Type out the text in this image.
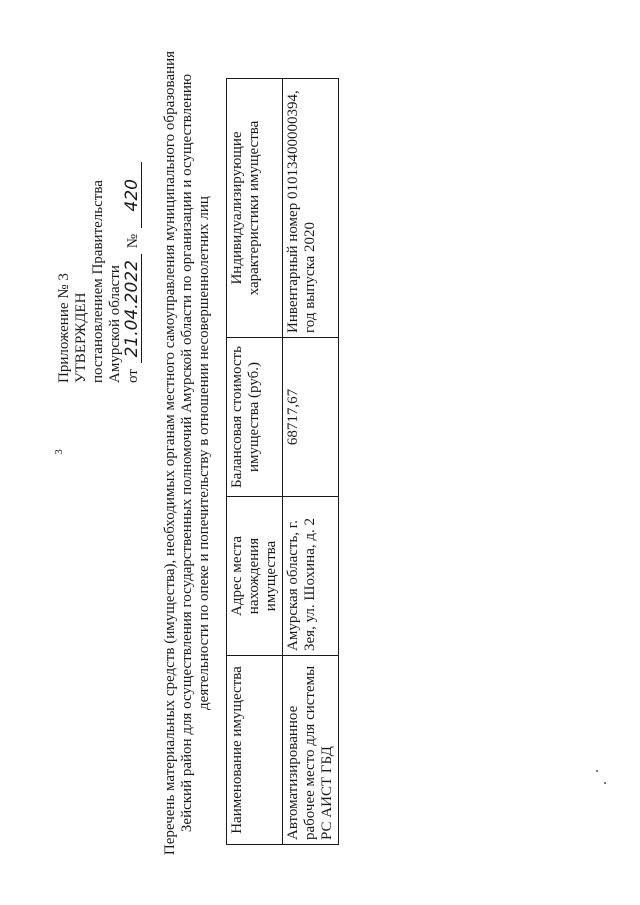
3
Приложение № 3 УТВЕРЖДЕН постановлением Правительства Амурской области от 21.04.2022 № 420 Перечень материальных средств (имущества), необходимых органам местного самоуправления муниципального образования Зейский район для осуществления государственных полномочий Амурской области по организации и осуществлению деятельности по опеке и попечительству в отношении несовершеннолетних лиц
Наименование имущества	Адрес места нахождения имущества	Балансовая стоимость имущества (руб.)	Индивидуализирующие характеристики имущества
Автоматизированное рабочее место для системы РС АИСТ ГБД	Амурская область, г. Зея, ул. Шохина, д. 2	68717,67	Инвентарный номер 01013400000394, год выпуска 2020
